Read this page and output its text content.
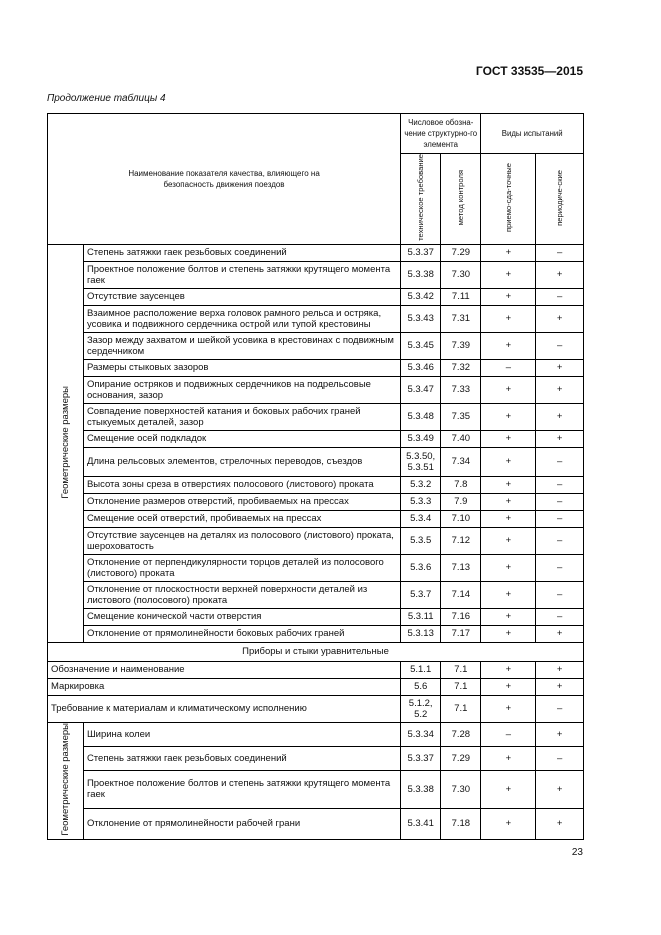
ГОСТ 33535—2015
Продолжение таблицы 4
Наименование показателя качества, влияющего на безопасность движения поездов		Числовое обозна-чение структурно-го элемента		Виды испытаний	
		техническое требование	метод контроля	приемо-сда-точные	периодиче-ские
Геометрические размеры	Степень затяжки гаек резьбовых соединений	5.3.37	7.29	+	–
	Проектное положение болтов и степень затяжки крутящего момента гаек	5.3.38	7.30	+	+
	Отсутствие заусенцев	5.3.42	7.11	+	–
	Взаимное расположение верха головок рамного рельса и остряка, усовика и подвижного сердечника острой или тупой крестовины	5.3.43	7.31	+	+
	Зазор между захватом и шейкой усовика в крестовинах с подвижным сердечником	5.3.45	7.39	+	–
	Размеры стыковых зазоров	5.3.46	7.32	–	+
	Опирание остряков и подвижных сердечников на подрельсовые основания, зазор	5.3.47	7.33	+	+
	Совпадение поверхностей катания и боковых рабочих граней стыкуемых деталей, зазор	5.3.48	7.35	+	+
	Смещение осей подкладок	5.3.49	7.40	+	+
	Длина рельсовых элементов, стрелочных переводов, съездов	5.3.50, 5.3.51	7.34	+	–
	Высота зоны среза в отверстиях полосового (листового) проката	5.3.2	7.8	+	–
	Отклонение размеров отверстий, пробиваемых на прессах	5.3.3	7.9	+	–
	Смещение осей отверстий, пробиваемых на прессах	5.3.4	7.10	+	–
	Отсутствие заусенцев на деталях из полосового (листового) проката, шероховатость	5.3.5	7.12	+	–
	Отклонение от перпендикулярности торцов деталей из полосового (листового) проката	5.3.6	7.13	+	–
	Отклонение от плоскостности верхней поверхности деталей из листового (полосового) проката	5.3.7	7.14	+	–
	Смещение конической части отверстия	5.3.11	7.16	+	–
	Отклонение от прямолинейности боковых рабочих граней	5.3.13	7.17	+	+
Приборы и стыки уравнительные					
Обозначение и наименование		5.1.1	7.1	+	+
Маркировка		5.6	7.1	+	+
Требование к материалам и климатическому исполнению		5.1.2, 5.2	7.1	+	–
Геометрические размеры	Ширина колеи	5.3.34	7.28	–	+
	Степень затяжки гаек резьбовых соединений	5.3.37	7.29	+	–
	Проектное положение болтов и степень затяжки крутящего момента гаек	5.3.38	7.30	+	+
	Отклонение от прямолинейности рабочей грани	5.3.41	7.18	+	+
23
